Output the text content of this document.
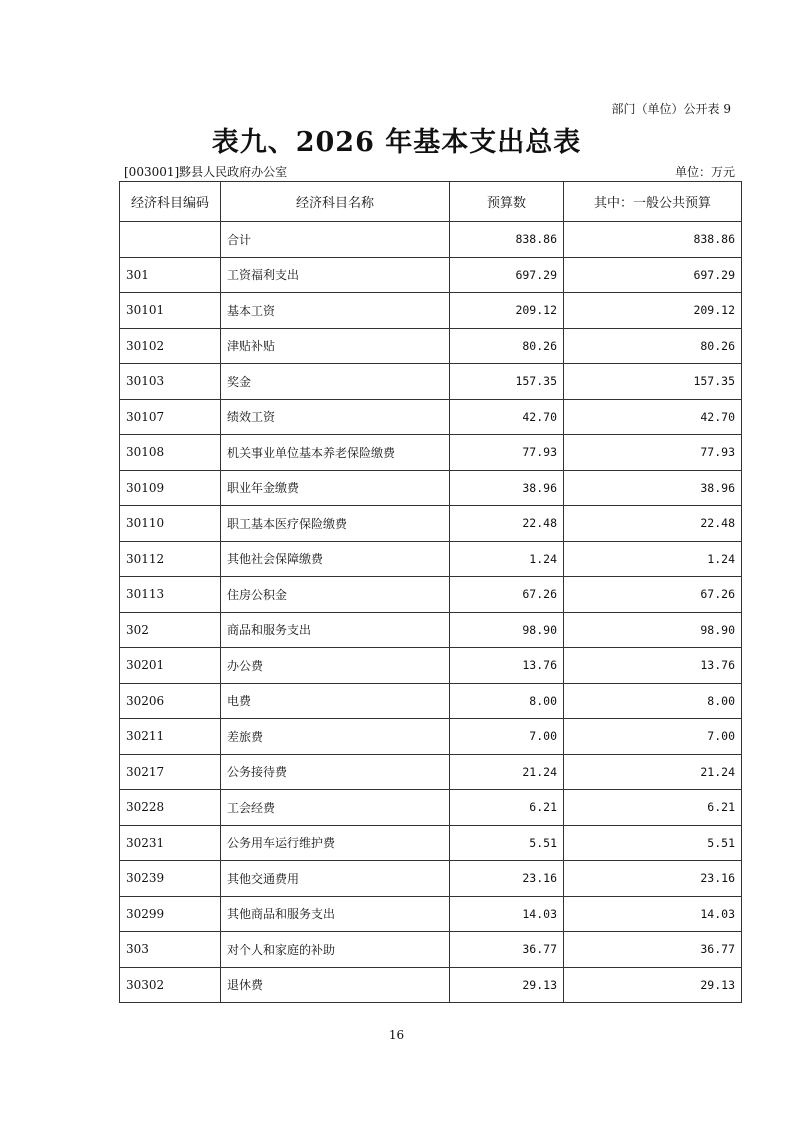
部门（单位）公开表 9
表九、2026 年基本支出总表
[003001]黟县人民政府办公室	单位：万元
经济科目编码	经济科目名称	预算数	其中：一般公共预算
	合计	838.86	838.86
301	工资福利支出	697.29	697.29
30101	基本工资	209.12	209.12
30102	津贴补贴	80.26	80.26
30103	奖金	157.35	157.35
30107	绩效工资	42.70	42.70
30108	机关事业单位基本养老保险缴费	77.93	77.93
30109	职业年金缴费	38.96	38.96
30110	职工基本医疗保险缴费	22.48	22.48
30112	其他社会保障缴费	1.24	1.24
30113	住房公积金	67.26	67.26
302	商品和服务支出	98.90	98.90
30201	办公费	13.76	13.76
30206	电费	8.00	8.00
30211	差旅费	7.00	7.00
30217	公务接待费	21.24	21.24
30228	工会经费	6.21	6.21
30231	公务用车运行维护费	5.51	5.51
30239	其他交通费用	23.16	23.16
30299	其他商品和服务支出	14.03	14.03
303	对个人和家庭的补助	36.77	36.77
30302	退休费	29.13	29.13
16
